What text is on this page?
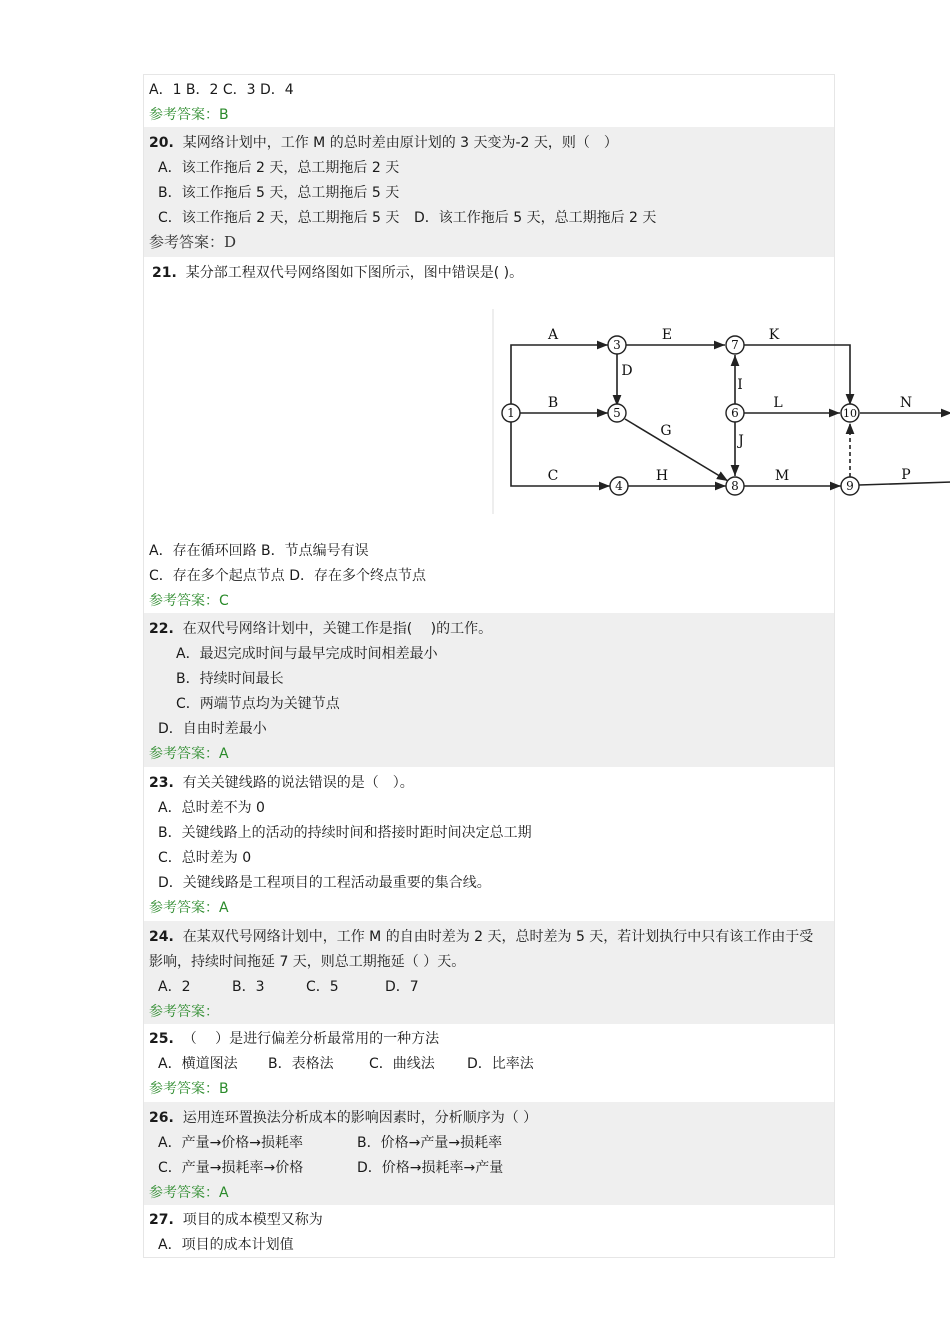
A．1 B．2 C．3 D．4
参考答案：B
20. 某网络计划中，工作 M 的总时差由原计划的 3 天变为-2 天，则（　）
A．该工作拖后 2 天，总工期拖后 2 天
B．该工作拖后 5 天，总工期拖后 5 天
C．该工作拖后 2 天，总工期拖后 5 天 D．该工作拖后 5 天，总工期拖后 2 天
参考答案：D
21. 某分部工程双代号网络图如下图所示，图中错误是( )。
A．存在循环回路 B．节点编号有误
C．存在多个起点节点 D．存在多个终点节点
参考答案：C
22. 在双代号网络计划中，关键工作是指(　 )的工作。
A．最迟完成时间与最早完成时间相差最小
B．持续时间最长
C．两端节点均为关键节点
D．自由时差最小
参考答案：A
23. 有关关键线路的说法错误的是（　）。
A．总时差不为 0
B．关键线路上的活动的持续时间和搭接时距时间决定总工期
C．总时差为 0
D．关键线路是工程项目的工程活动最重要的集合线。
参考答案：A
24. 在某双代号网络计划中，工作 M 的自由时差为 2 天，总时差为 5 天，若计划执行中只有该工作由于受
影响，持续时间拖延 7 天，则总工期拖延（ ）天。
A．2	B．3	C．5	D．7
参考答案：
25. （　 ）是进行偏差分析最常用的一种方法
A．横道图法 B．表格法	C．曲线法 D．比率法
参考答案：B
26. 运用连环置换法分析成本的影响因素时，分析顺序为（ ）
A．产量→价格→损耗率	B．价格→产量→损耗率
C．产量→损耗率→价格	D．价格→损耗率→产量
参考答案：A
27. 项目的成本模型又称为
A．项目的成本计划值
1
3
5
4
7
6
8
10
9
A	E	K
D
I
B	L	N
G
J
C	H	M	P
